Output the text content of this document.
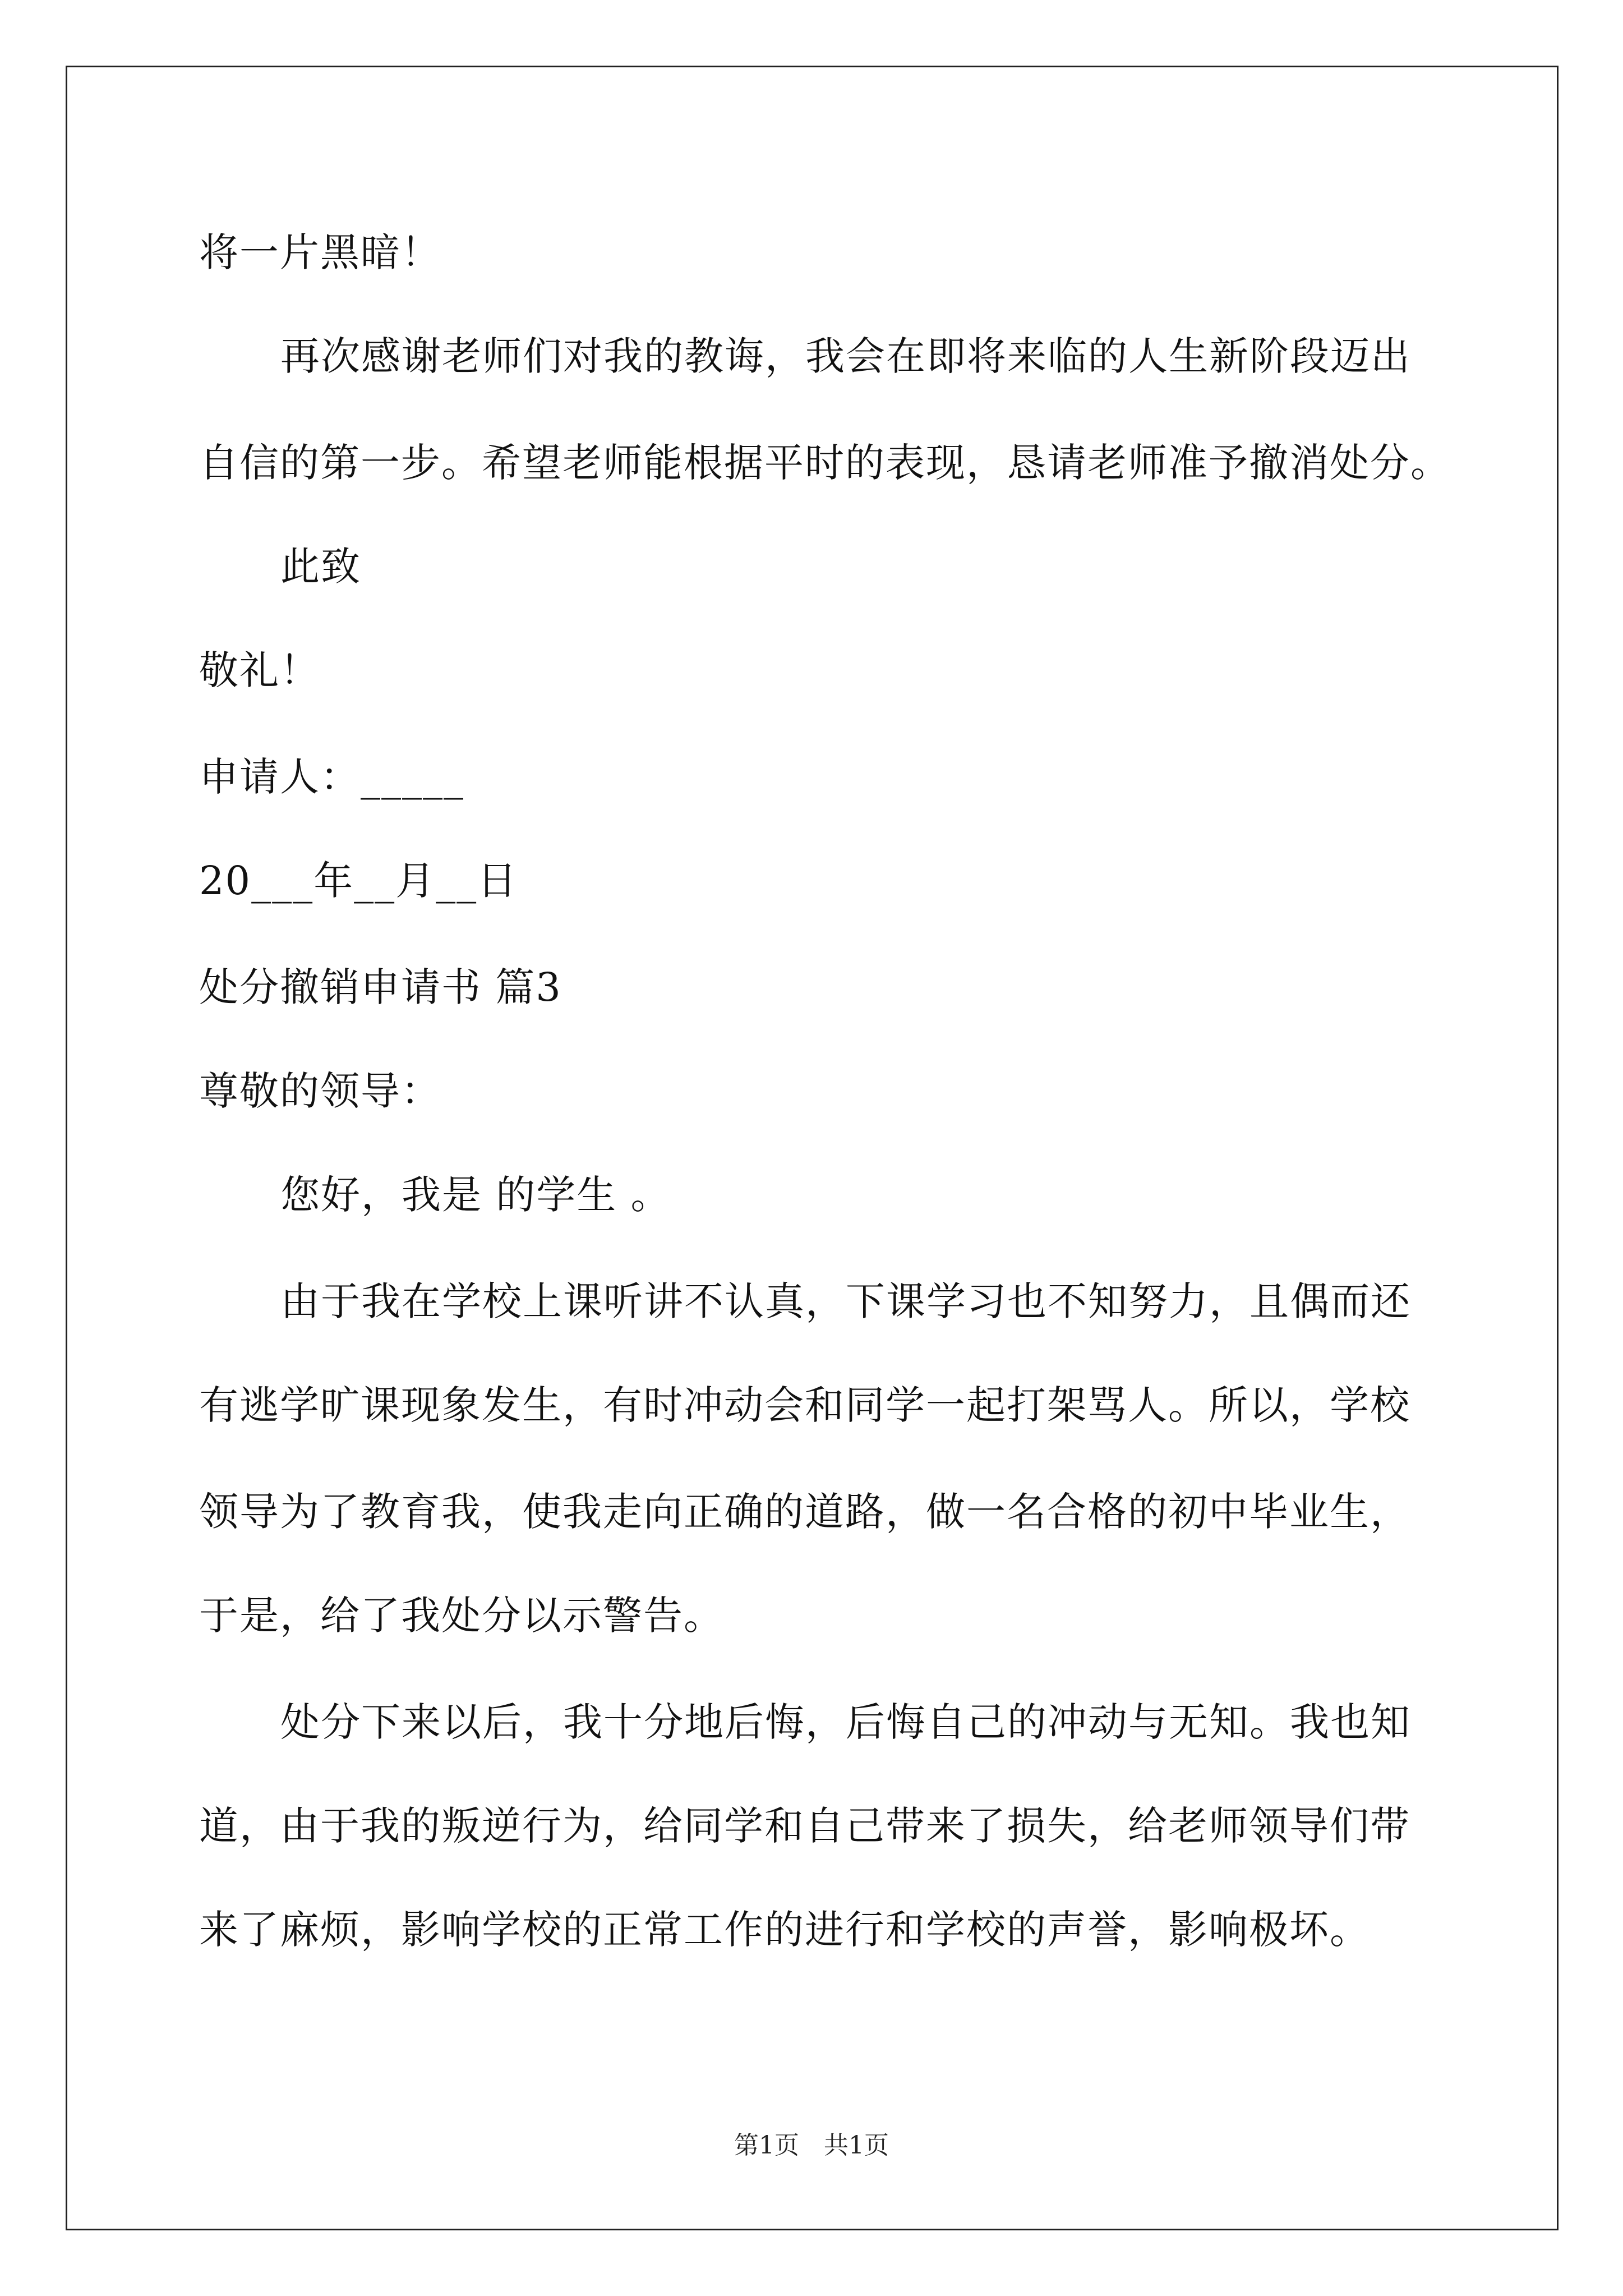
将一片黑暗！
再次感谢老师们对我的教诲，我会在即将来临的人生新阶段迈出
自信的第一步。希望老师能根据平时的表现，恳请老师准予撤消处分。
此致
敬礼！
申请人：_____
20___年__月__日
处分撤销申请书 篇3
尊敬的领导：
您好，我是 的学生 。
由于我在学校上课听讲不认真，下课学习也不知努力，且偶而还
有逃学旷课现象发生，有时冲动会和同学一起打架骂人。所以，学校
领导为了教育我，使我走向正确的道路，做一名合格的初中毕业生，
于是，给了我处分以示警告。
处分下来以后，我十分地后悔，后悔自己的冲动与无知。我也知
道，由于我的叛逆行为，给同学和自己带来了损失，给老师领导们带
来了麻烦，影响学校的正常工作的进行和学校的声誉，影响极坏。
第1页　共1页
